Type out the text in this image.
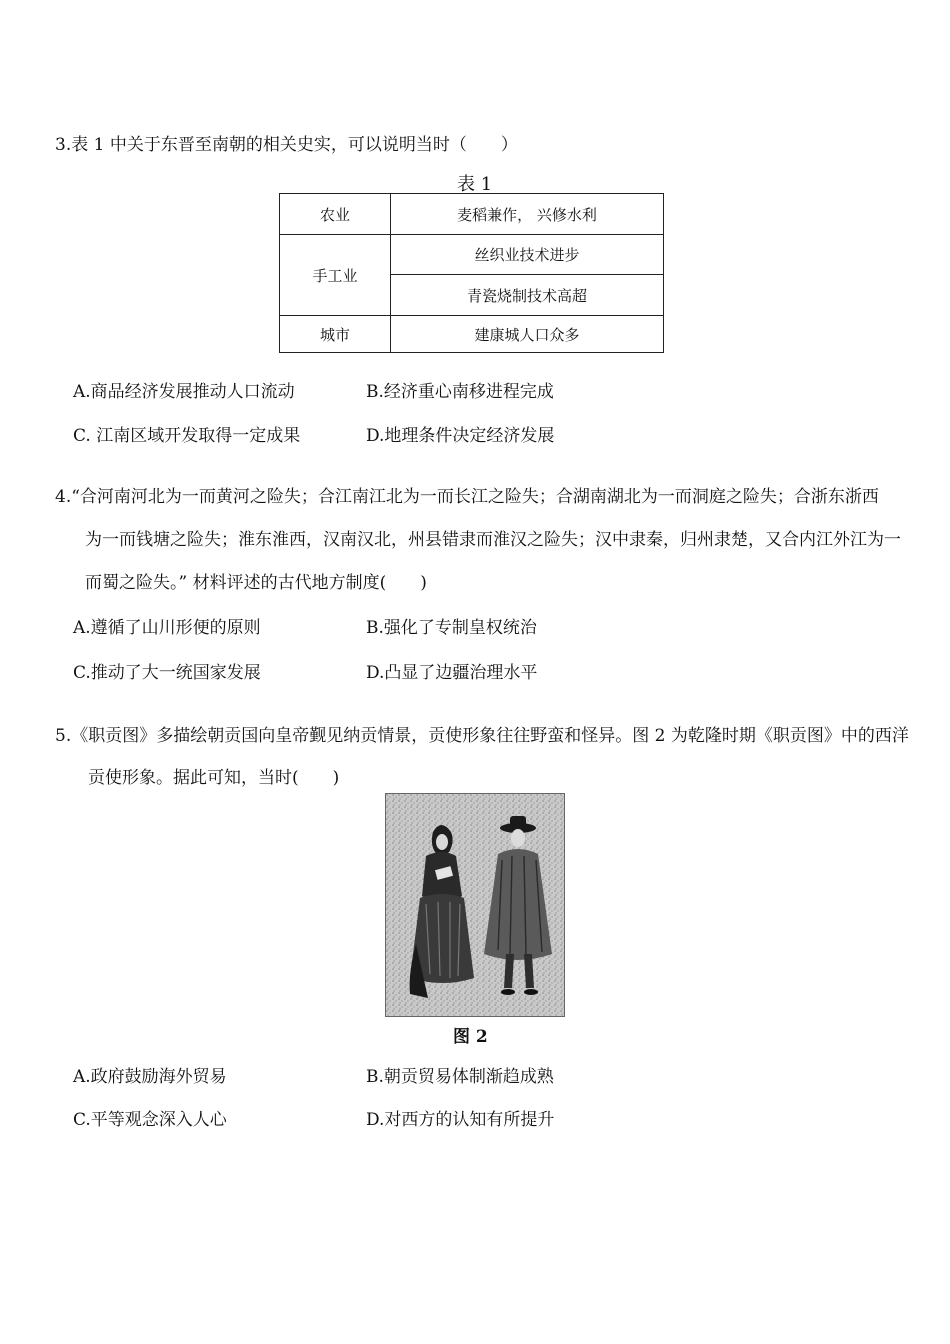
3.表 1 中关于东晋至南朝的相关史实，可以说明当时（　　）
表 1
农业	麦稻兼作， 兴修水利
手工业	丝织业技术进步
	青瓷烧制技术高超
城市	建康城人口众多
A.商品经济发展推动人口流动	B.经济重心南移进程完成
C. 江南区域开发取得一定成果	D.地理条件决定经济发展
4.“合河南河北为一而黄河之险失；合江南江北为一而长江之险失；合湖南湖北为一而洞庭之险失；合浙东浙西
为一而钱塘之险失；淮东淮西，汉南汉北，州县错隶而淮汉之险失；汉中隶秦，归州隶楚，又合内江外江为一
而蜀之险失。” 材料评述的古代地方制度(　　)
A.遵循了山川形便的原则	B.强化了专制皇权统治
C.推动了大一统国家发展	D.凸显了边疆治理水平
5.《职贡图》多描绘朝贡国向皇帝觐见纳贡情景，贡使形象往往野蛮和怪异。图 2 为乾隆时期《职贡图》中的西洋
贡使形象。据此可知，当时(　　)
图 2
A.政府鼓励海外贸易	B.朝贡贸易体制渐趋成熟
C.平等观念深入人心	D.对西方的认知有所提升
